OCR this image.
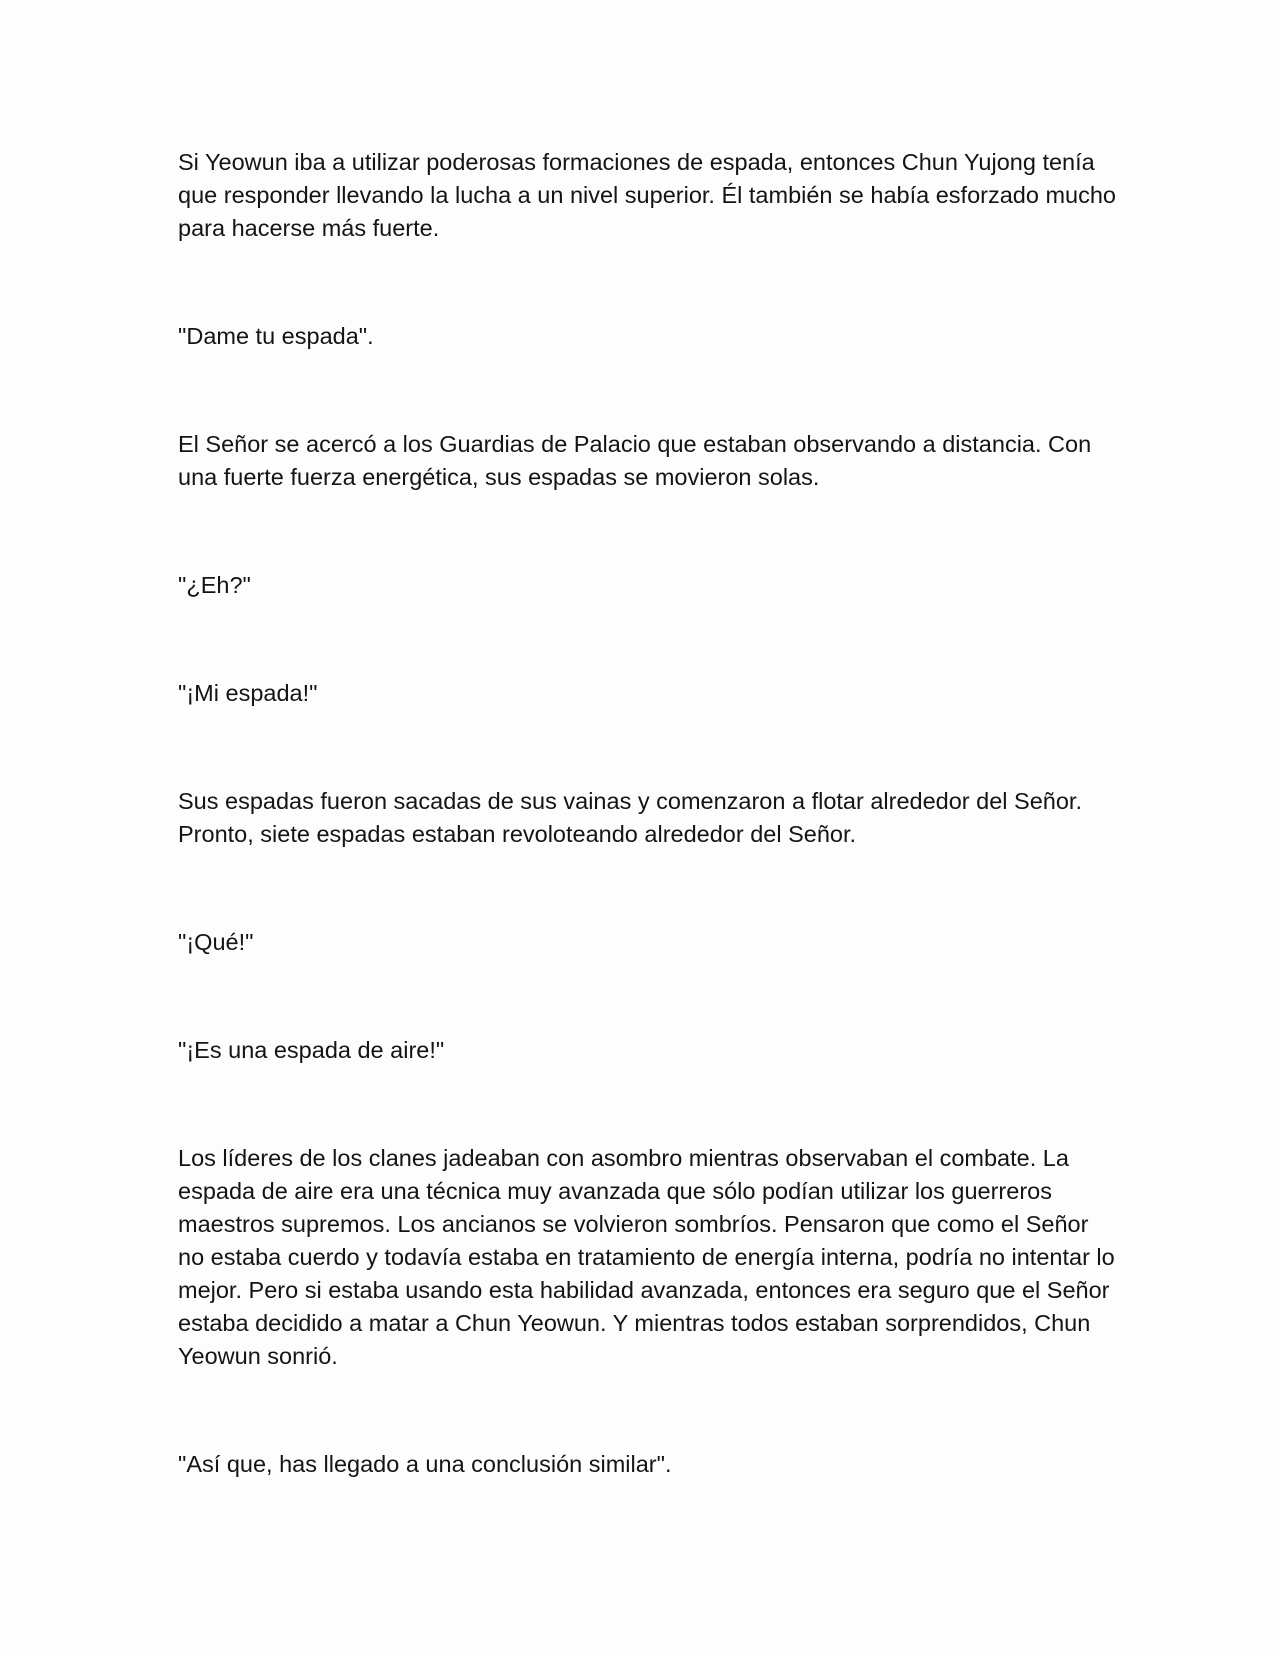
Si Yeowun iba a utilizar poderosas formaciones de espada, entonces Chun Yujong tenía que responder llevando la lucha a un nivel superior. Él también se había esforzado mucho para hacerse más fuerte.

"Dame tu espada".

El Señor se acercó a los Guardias de Palacio que estaban observando a distancia. Con una fuerte fuerza energética, sus espadas se movieron solas.

"¿Eh?"

"¡Mi espada!"

Sus espadas fueron sacadas de sus vainas y comenzaron a flotar alrededor del Señor. Pronto, siete espadas estaban revoloteando alrededor del Señor.

"¡Qué!"

"¡Es una espada de aire!"

Los líderes de los clanes jadeaban con asombro mientras observaban el combate. La espada de aire era una técnica muy avanzada que sólo podían utilizar los guerreros maestros supremos. Los ancianos se volvieron sombríos. Pensaron que como el Señor no estaba cuerdo y todavía estaba en tratamiento de energía interna, podría no intentar lo mejor. Pero si estaba usando esta habilidad avanzada, entonces era seguro que el Señor estaba decidido a matar a Chun Yeowun. Y mientras todos estaban sorprendidos, Chun Yeowun sonrió.

"Así que, has llegado a una conclusión similar".
